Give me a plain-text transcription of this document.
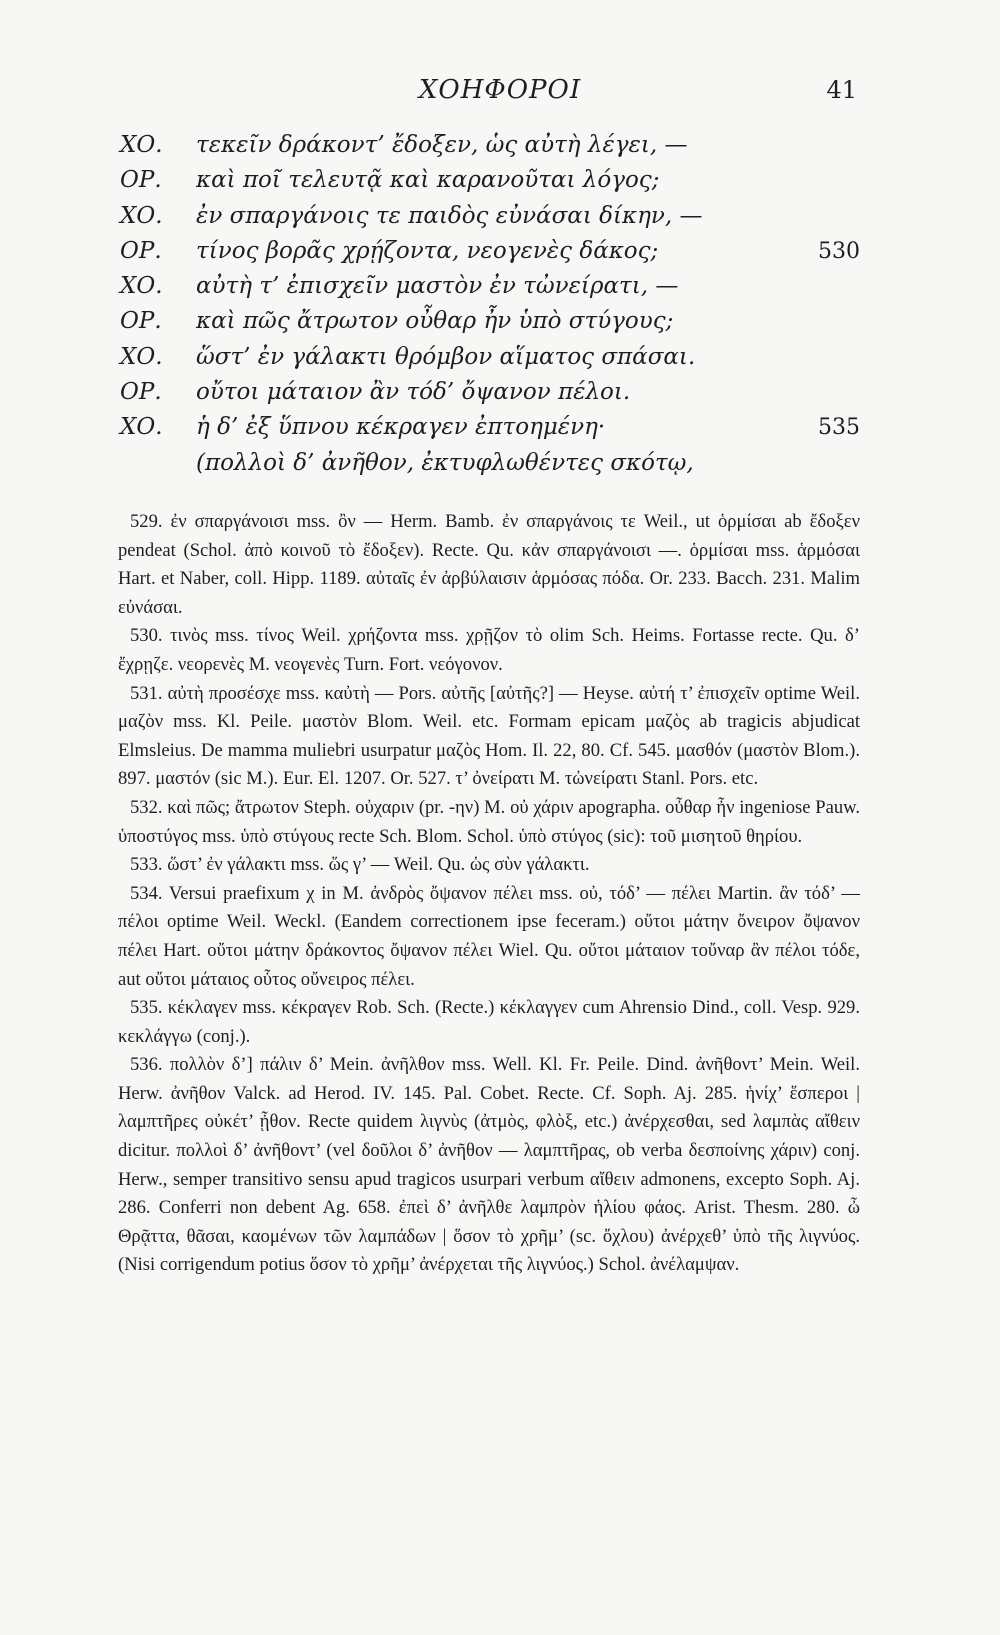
ΧΟΗΦΟΡΟΙ	41
ΧΟ.	τεκεῖν δράκοντ’ ἔδοξεν, ὡς αὐτὴ λέγει, —
ΟΡ.	καὶ ποῖ τελευτᾷ καὶ καρανοῦται λόγος;
ΧΟ.	ἐν σπαργάνοις τε παιδὸς εὐνάσαι δίκην, —
ΟΡ.	τίνος βορᾶς χρῄζοντα, νεογενὲς δάκος;	530
ΧΟ.	αὐτὴ τ’ ἐπισχεῖν μαστὸν ἐν τὠνείρατι, —
ΟΡ.	καὶ πῶς ἄτρωτον οὖθαρ ἦν ὑπὸ στύγους;
ΧΟ.	ὥστ’ ἐν γάλακτι θρόμβον αἵματος σπάσαι.
ΟΡ.	οὔτοι μάταιον ἂν τόδ’ ὄψανον πέλοι.
ΧΟ.	ἡ δ’ ἐξ ὕπνου κέκραγεν ἐπτοημένη·	535
(πολλοὶ δ’ ἀνῆθον, ἐκτυφλωθέντες σκότῳ,

529. ἐν σπαργάνοισι mss. ὂν — Herm. Bamb. ἐν σπαργάνοις τε Weil., ut ὁρμίσαι ab ἔδοξεν pendeat (Schol. ἀπὸ κοινοῦ τὸ ἔδοξεν). Recte. Qu. κἀν σπαργάνοισι —. ὁρμίσαι mss. ἁρμόσαι Hart. et Naber, coll. Hipp. 1189. αὐταῖς ἐν ἀρβύλαισιν ἁρμόσας πόδα. Or. 233. Bacch. 231. Malim εὐνάσαι.

530. τινὸς mss. τίνος Weil. χρήζοντα mss. χρῇζον τὸ olim Sch. Heims. Fortasse recte. Qu. δ’ ἔχρῃζε. νεορενὲς M. νεογενὲς Turn. Fort. νεόγονον.

531. αὐτὴ προσέσχε mss. καὐτὴ — Pors. αὐτῆς [αὐτῆς?] — Heyse. αὐτή τ’ ἐπισχεῖν optime Weil. μαζὸν mss. Kl. Peile. μαστὸν Blom. Weil. etc. Formam epicam μαζὸς ab tragicis abjudicat Elmsleius. De mamma muliebri usurpatur μαζὸς Hom. Il. 22, 80. Cf. 545. μασθόν (μαστὸν Blom.). 897. μαστόν (sic M.). Eur. El. 1207. Or. 527. τ’ ὀνείρατι M. τὠνείρατι Stanl. Pors. etc.

532. καὶ πῶς; ἄτρωτον Steph. οὐχαριν (pr. -ην) M. οὐ χάριν apographa. οὖθαρ ἦν ingeniose Pauw. ὑποστύγος mss. ὑπὸ στύγους recte Sch. Blom. Schol. ὑπὸ στύγος (sic): τοῦ μισητοῦ θηρίου.

533. ὥστ’ ἐν γάλακτι mss. ὥς γ’ — Weil. Qu. ὡς σὺν γάλακτι.

534. Versui praefixum χ in M. ἀνδρὸς ὄψανον πέλει mss. οὐ, τόδ’ — πέλει Martin. ἂν τόδ’ — πέλοι optime Weil. Weckl. (Eandem correctionem ipse feceram.) οὔτοι μάτην ὄνειρον ὄψανον πέλει Hart. οὔτοι μάτην δράκοντος ὄψανον πέλει Wiel. Qu. οὔτοι μάταιον τοὔναρ ἂν πέλοι τόδε, aut οὔτοι μάταιος οὗτος οὔνειρος πέλει.

535. κέκλαγεν mss. κέκραγεν Rob. Sch. (Recte.) κέκλαγγεν cum Ahrensio Dind., coll. Vesp. 929. κεκλάγγω (conj.).

536. πολλὸν δ’] πάλιν δ’ Mein. ἀνῆλθον mss. Well. Kl. Fr. Peile. Dind. ἀνῆθοντ’ Mein. Weil. Herw. ἀνῆθον Valck. ad Herod. IV. 145. Pal. Cobet. Recte. Cf. Soph. Aj. 285. ἡνίχ’ ἕσπεροι | λαμπτῆρες οὐκέτ’ ᾖθον. Recte quidem λιγνὺς (ἀτμὸς, φλὸξ, etc.) ἀνέρχεσθαι, sed λαμπὰς αἴθειν dicitur. πολλοὶ δ’ ἀνῆθοντ’ (vel δοῦλοι δ’ ἀνῆθον — λαμπτῆρας, ob verba δεσποίνης χάριν) conj. Herw., semper transitivo sensu apud tragicos usurpari verbum αἴθειν admonens, excepto Soph. Aj. 286. Conferri non debent Ag. 658. ἐπεὶ δ’ ἀνῆλθε λαμπρὸν ἡλίου φάος. Arist. Thesm. 280. ὦ Θρᾷττα, θᾶσαι, καομένων τῶν λαμπάδων | ὅσον τὸ χρῆμ’ (sc. ὄχλου) ἀνέρχεθ’ ὑπὸ τῆς λιγνύος. (Nisi corrigendum potius ὅσον τὸ χρῆμ’ ἀνέρχεται τῆς λιγνύος.) Schol. ἀνέλαμψαν.
